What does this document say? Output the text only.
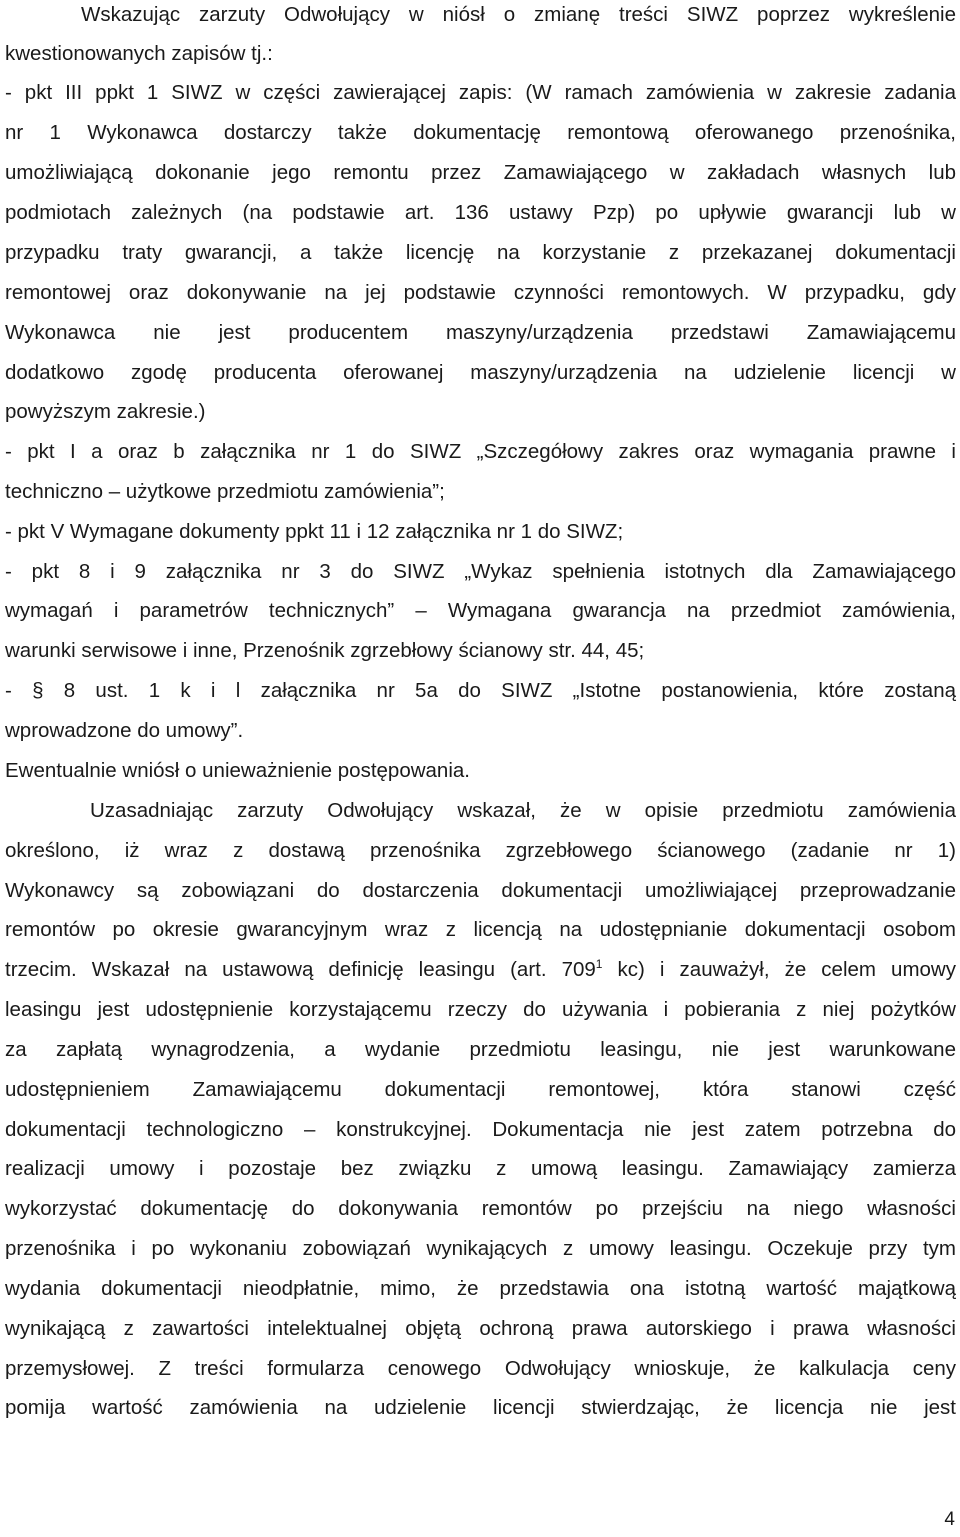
Wskazując zarzuty Odwołujący w niósł o zmianę treści SIWZ poprzez wykreślenie
kwestionowanych zapisów tj.:
- pkt III ppkt 1 SIWZ w części zawierającej zapis: (W ramach zamówienia w zakresie zadania
nr 1 Wykonawca dostarczy także dokumentację remontową oferowanego przenośnika,
umożliwiającą dokonanie jego remontu przez Zamawiającego w zakładach własnych lub
podmiotach zależnych (na podstawie art. 136 ustawy Pzp) po upływie gwarancji lub w
przypadku traty gwarancji, a także licencję na korzystanie z przekazanej dokumentacji
remontowej oraz dokonywanie na jej podstawie czynności remontowych. W przypadku, gdy
Wykonawca nie jest producentem maszyny/urządzenia przedstawi Zamawiającemu
dodatkowo zgodę producenta oferowanej maszyny/urządzenia na udzielenie licencji w
powyższym zakresie.)
- pkt I a oraz b załącznika nr 1 do SIWZ „Szczegółowy zakres oraz wymagania prawne i
techniczno – użytkowe przedmiotu zamówienia”;
- pkt V Wymagane dokumenty ppkt 11 i 12 załącznika nr 1 do SIWZ;
- pkt 8 i 9 załącznika nr 3 do SIWZ „Wykaz spełnienia istotnych dla Zamawiającego
wymagań i parametrów technicznych” – Wymagana gwarancja na przedmiot zamówienia,
warunki serwisowe i inne, Przenośnik zgrzebłowy ścianowy str. 44, 45;
- § 8 ust. 1 k i l załącznika nr 5a do SIWZ „Istotne postanowienia, które zostaną
wprowadzone do umowy”.
Ewentualnie wniósł o unieważnienie postępowania.
Uzasadniając zarzuty Odwołujący wskazał, że w opisie przedmiotu zamówienia
określono, iż wraz z dostawą przenośnika zgrzebłowego ścianowego (zadanie nr 1)
Wykonawcy są zobowiązani do dostarczenia dokumentacji umożliwiającej przeprowadzanie
remontów po okresie gwarancyjnym wraz z licencją na udostępnianie dokumentacji osobom
trzecim. Wskazał na ustawową definicję leasingu (art. 709$^1$ kc) i zauważył, że celem umowy
leasingu jest udostępnienie korzystającemu rzeczy do używania i pobierania z niej pożytków
za zapłatą wynagrodzenia, a wydanie przedmiotu leasingu, nie jest warunkowane
udostępnieniem Zamawiającemu dokumentacji remontowej, która stanowi część
dokumentacji technologiczno – konstrukcyjnej. Dokumentacja nie jest zatem potrzebna do
realizacji umowy i pozostaje bez związku z umową leasingu. Zamawiający zamierza
wykorzystać dokumentację do dokonywania remontów po przejściu na niego własności
przenośnika i po wykonaniu zobowiązań wynikających z umowy leasingu. Oczekuje przy tym
wydania dokumentacji nieodpłatnie, mimo, że przedstawia ona istotną wartość majątkową
wynikającą z zawartości intelektualnej objętą ochroną prawa autorskiego i prawa własności
przemysłowej. Z treści formularza cenowego Odwołujący wnioskuje, że kalkulacja ceny
pomija wartość zamówienia na udzielenie licencji stwierdzając, że licencja nie jest
4
